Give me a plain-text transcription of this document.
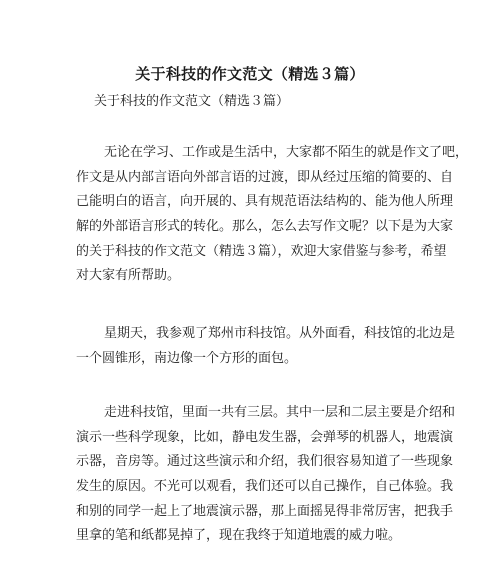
关于科技的作文范文（精选３篇）
关于科技的作文范文（精选３篇）
无论在学习、工作或是生活中，大家都不陌生的就是作文了吧，
作文是从内部言语向外部言语的过渡，即从经过压缩的简要的、自
己能明白的语言，向开展的、具有规范语法结构的、能为他人所理
解的外部语言形式的转化。那么，怎么去写作文呢？以下是为大家
的关于科技的作文范文（精选３篇），欢迎大家借鉴与参考，希望
对大家有所帮助。
星期天，我参观了郑州市科技馆。从外面看，科技馆的北边是
一个圆锥形，南边像一个方形的面包。
走进科技馆，里面一共有三层。其中一层和二层主要是介绍和
演示一些科学现象，比如，静电发生器，会弹琴的机器人，地震演
示器，音房等。通过这些演示和介绍，我们很容易知道了一些现象
发生的原因。不光可以观看，我们还可以自己操作，自己体验。我
和别的同学一起上了地震演示器，那上面摇晃得非常厉害，把我手
里拿的笔和纸都晃掉了，现在我终于知道地震的威力啦。
